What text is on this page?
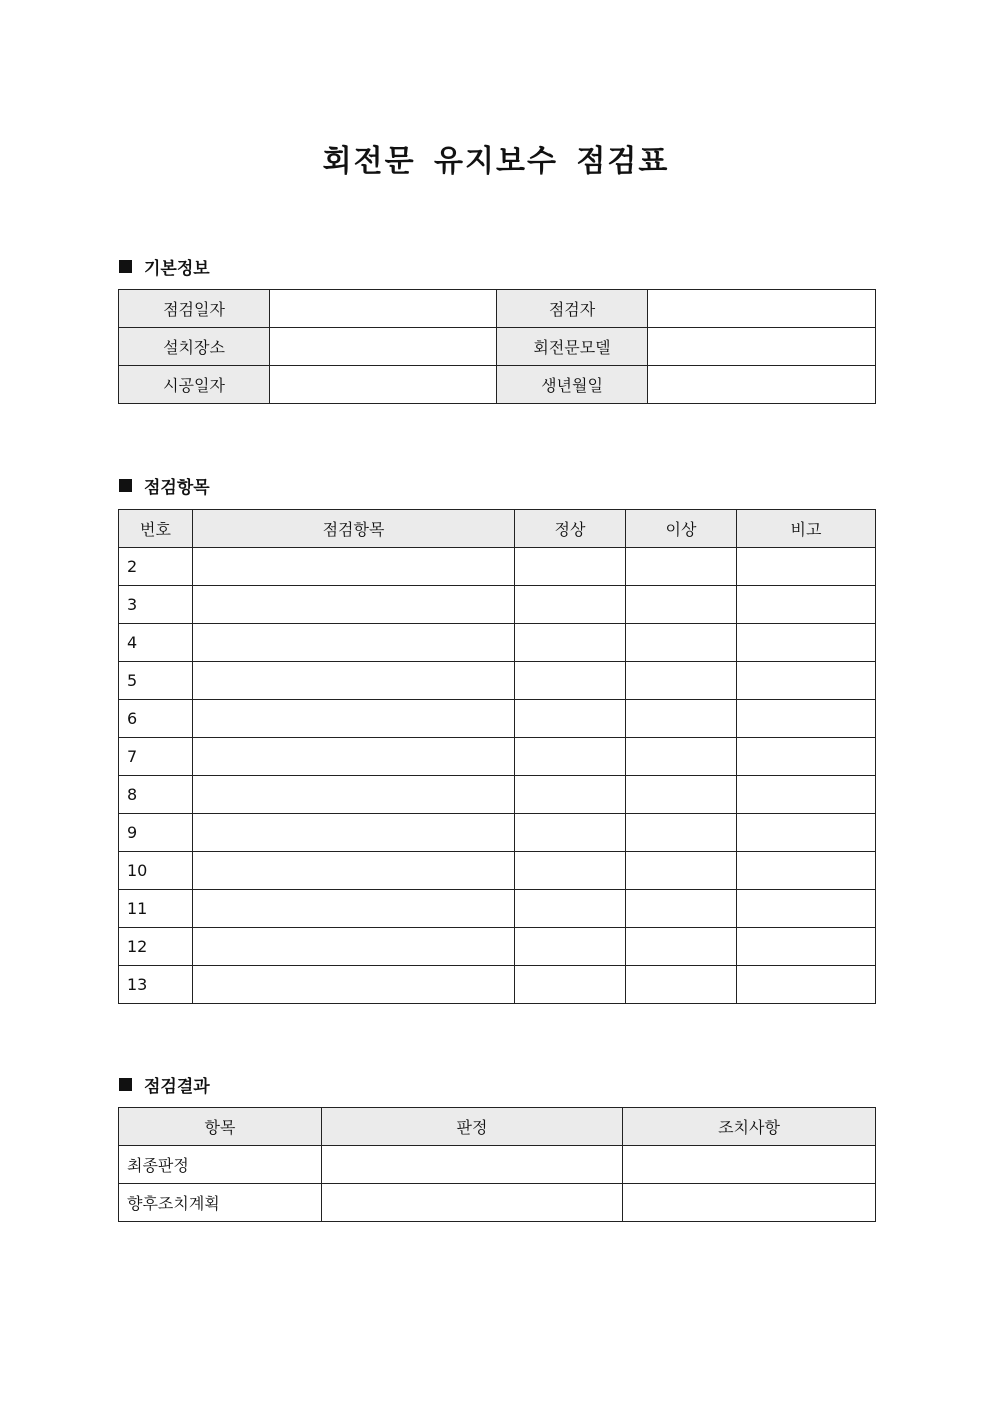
회전문 유지보수 점검표
기본정보
점검일자		점검자	
설치장소		회전문모델	
시공일자		생년월일	
점검항목
번호	점검항목	정상	이상	비고
2				
3				
4				
5				
6				
7				
8				
9				
10				
11				
12				
13				
점검결과
항목	판정	조치사항
최종판정		
향후조치계획		
